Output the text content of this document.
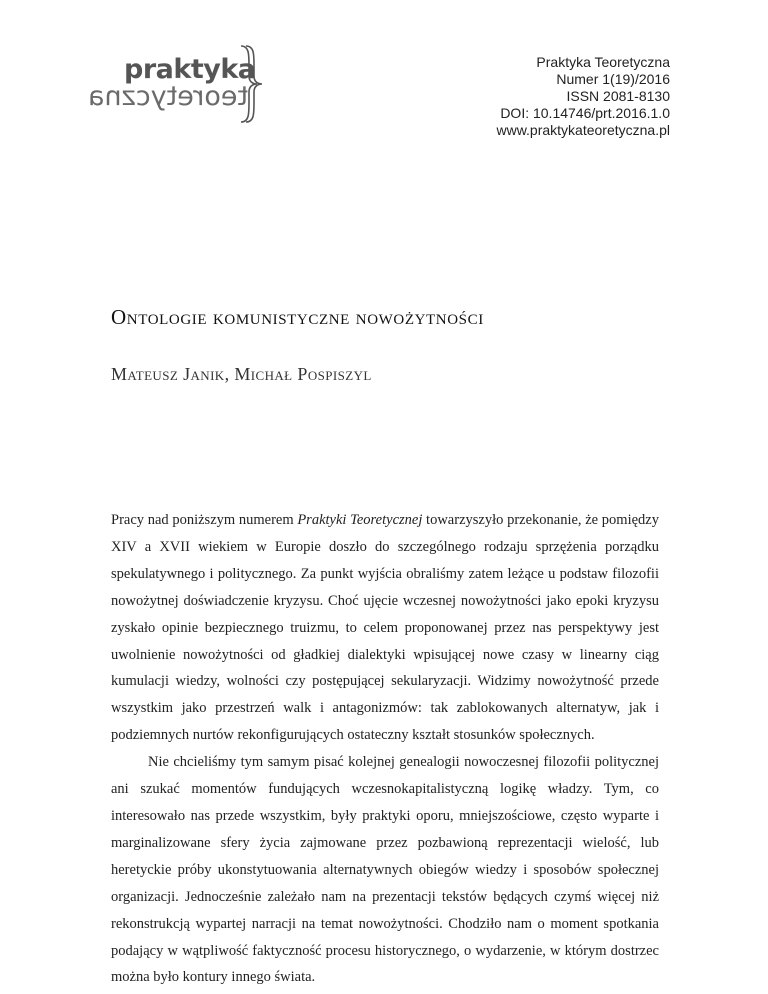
praktyka
teoretyczna
Praktyka Teoretyczna
Numer 1(19)/2016
ISSN 2081-8130
DOI: 10.14746/prt.2016.1.0
www.praktykateoretyczna.pl
Ontologie komunistyczne nowożytności
Mateusz Janik, Michał Pospiszyl

Pracy nad poniższym numerem Praktyki Teoretycznej towarzyszyło przekonanie, że pomiędzy XIV a XVII wiekiem w Europie doszło do szczególnego rodzaju sprzężenia porządku spekulatywnego i politycznego. Za punkt wyjścia obraliśmy zatem leżące u podstaw filozofii nowożytnej doświadczenie kryzysu. Choć ujęcie wczesnej nowożytności jako epoki kryzysu zyskało opinie bezpiecznego truizmu, to celem proponowanej przez nas perspektywy jest uwolnienie nowożytności od gładkiej dialektyki wpisującej nowe czasy w linearny ciąg kumulacji wiedzy, wolności czy postępującej sekularyzacji. Widzimy nowożytność przede wszystkim jako przestrzeń walk i antagonizmów: tak zablokowanych alternatyw, jak i podziemnych nurtów rekonfigurujących ostateczny kształt stosunków społecznych.

Nie chcieliśmy tym samym pisać kolejnej genealogii nowoczesnej filozofii politycznej ani szukać momentów fundujących wczesnokapitalistyczną logikę władzy. Tym, co interesowało nas przede wszystkim, były praktyki oporu, mniejszościowe, często wyparte i marginalizowane sfery życia zajmowane przez pozbawioną reprezentacji wielość, lub heretyckie próby ukonstytuowania alternatywnych obiegów wiedzy i sposobów społecznej organizacji. Jednocześnie zależało nam na prezentacji tekstów będących czymś więcej niż rekonstrukcją wypartej narracji na temat nowożytności. Chodziło nam o moment spotkania podający w wątpliwość faktyczność procesu historycznego, o wydarzenie, w którym dostrzec można było kontury innego świata.
